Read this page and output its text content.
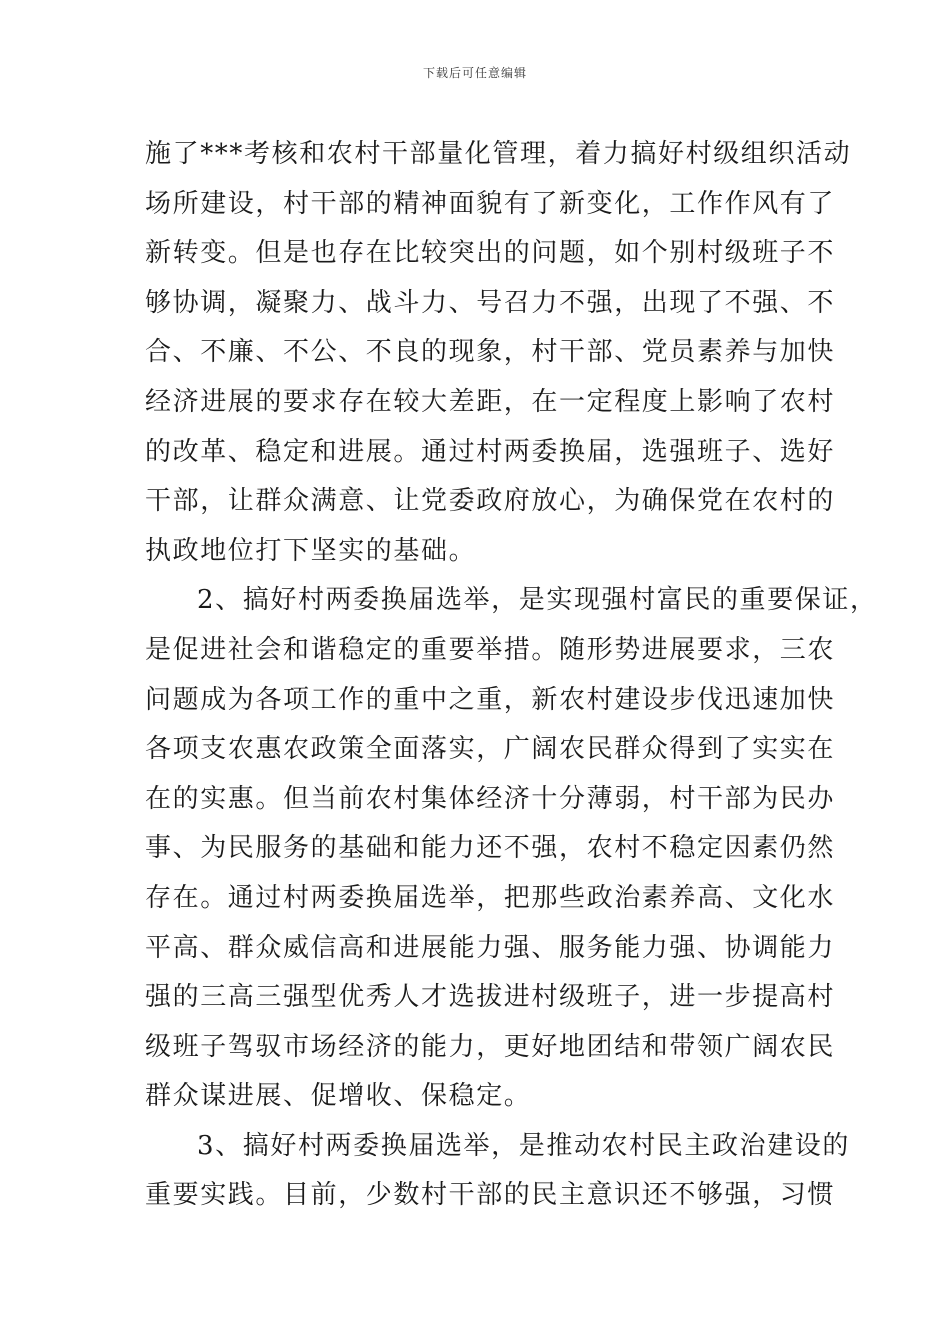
下载后可任意编辑
施了***考核和农村干部量化管理，着力搞好村级组织活动
场所建设，村干部的精神面貌有了新变化，工作作风有了
新转变。但是也存在比较突出的问题，如个别村级班子不
够协调，凝聚力、战斗力、号召力不强，出现了不强、不
合、不廉、不公、不良的现象，村干部、党员素养与加快
经济进展的要求存在较大差距，在一定程度上影响了农村
的改革、稳定和进展。通过村两委换届，选强班子、选好
干部，让群众满意、让党委政府放心，为确保党在农村的
执政地位打下坚实的基础。
2、搞好村两委换届选举，是实现强村富民的重要保证，
是促进社会和谐稳定的重要举措。随形势进展要求，三农
问题成为各项工作的重中之重，新农村建设步伐迅速加快
各项支农惠农政策全面落实，广阔农民群众得到了实实在
在的实惠。但当前农村集体经济十分薄弱，村干部为民办
事、为民服务的基础和能力还不强，农村不稳定因素仍然
存在。通过村两委换届选举，把那些政治素养高、文化水
平高、群众威信高和进展能力强、服务能力强、协调能力
强的三高三强型优秀人才选拔进村级班子，进一步提高村
级班子驾驭市场经济的能力，更好地团结和带领广阔农民
群众谋进展、促增收、保稳定。
3、搞好村两委换届选举，是推动农村民主政治建设的
重要实践。目前，少数村干部的民主意识还不够强，习惯
